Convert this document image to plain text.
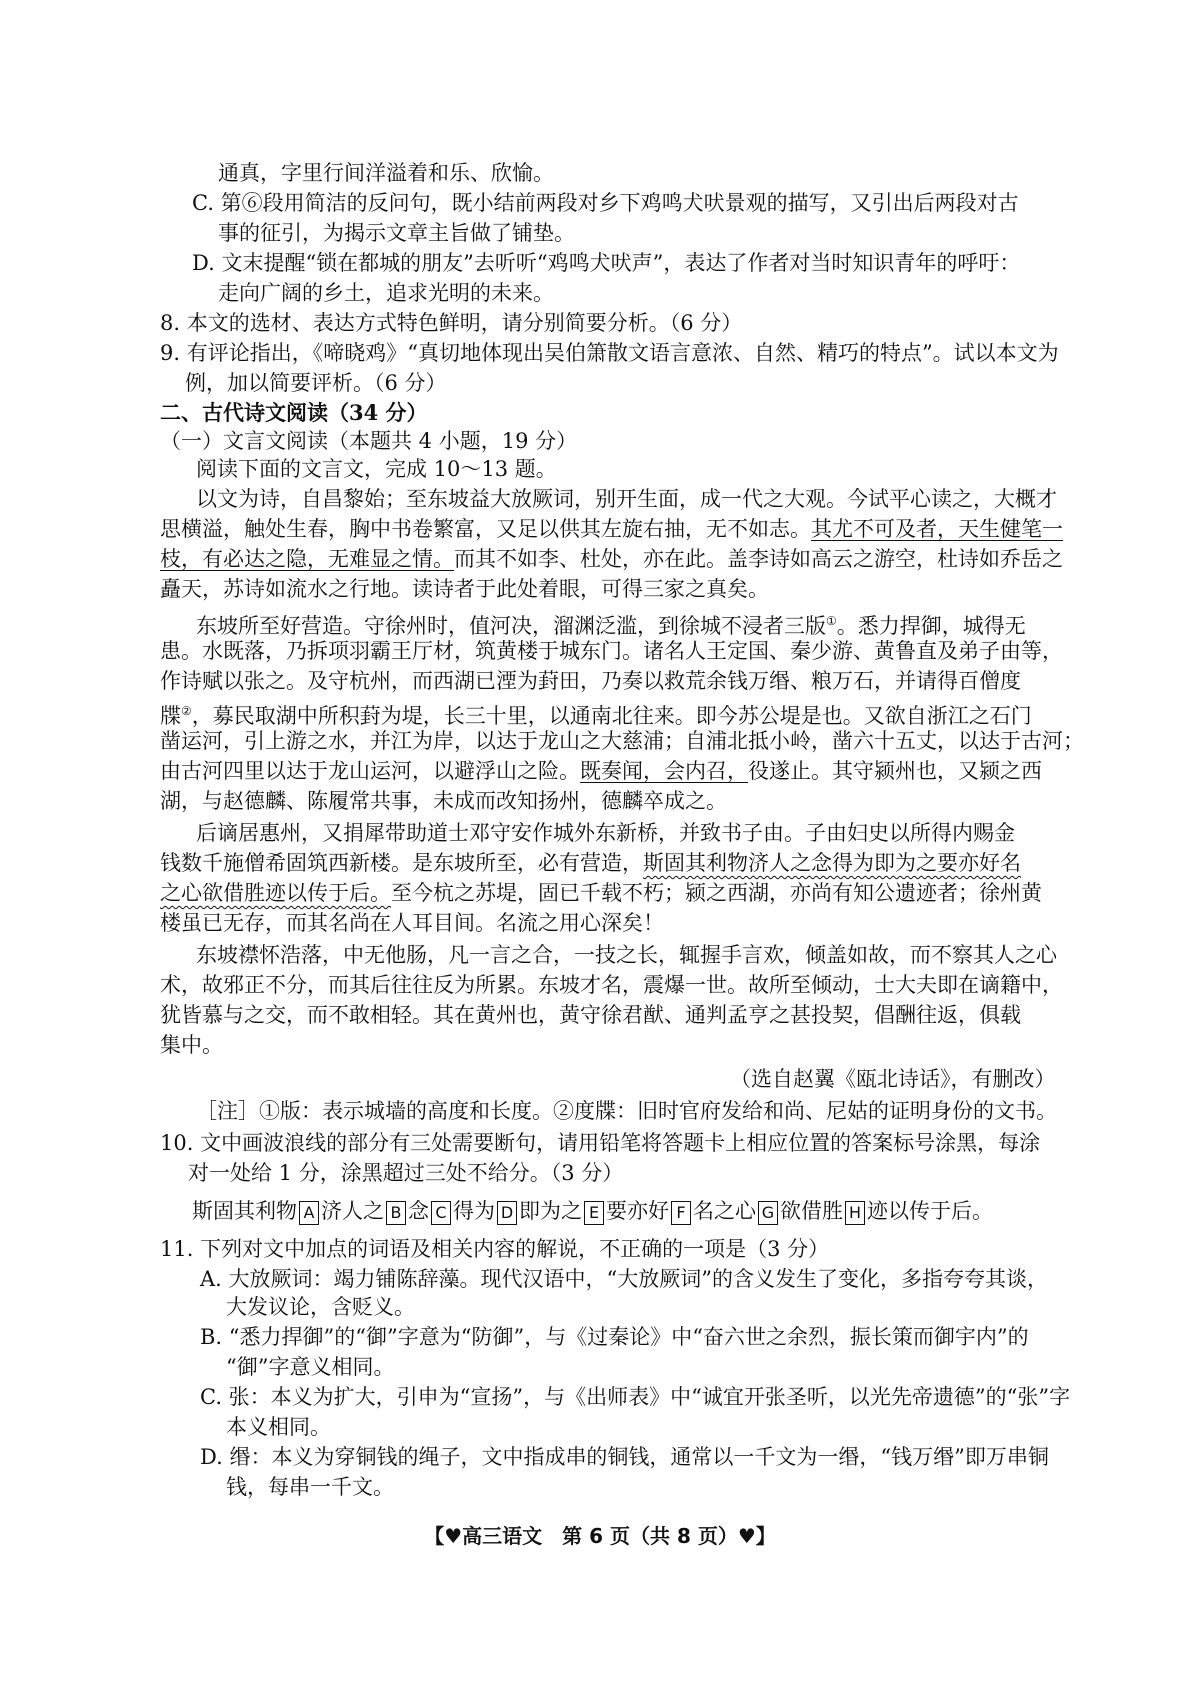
通真，字里行间洋溢着和乐、欣愉。
C. 第⑥段用简洁的反问句，既小结前两段对乡下鸡鸣犬吠景观的描写，又引出后两段对古
事的征引，为揭示文章主旨做了铺垫。
D. 文末提醒“锁在都城的朋友”去听听“鸡鸣犬吠声”，表达了作者对当时知识青年的呼吁：
走向广阔的乡土，追求光明的未来。
8. 本文的选材、表达方式特色鲜明，请分别简要分析。（6 分）
9. 有评论指出，《啼晓鸡》“真切地体现出吴伯箫散文语言意浓、自然、精巧的特点”。试以本文为
例，加以简要评析。（6 分）
二、古代诗文阅读（34 分）
（一）文言文阅读（本题共 4 小题，19 分）
阅读下面的文言文，完成 10～13 题。
以文为诗，自昌黎始；至东坡益大放厥词，别开生面，成一代之大观。今试平心读之，大概才
思横溢，触处生春，胸中书卷繁富，又足以供其左旋右抽，无不如志。其尤不可及者，天生健笔一
枝，有必达之隐，无难显之情。而其不如李、杜处，亦在此。盖李诗如高云之游空，杜诗如乔岳之
矗天，苏诗如流水之行地。读诗者于此处着眼，可得三家之真矣。
东坡所至好营造。守徐州时，值河决，溜渊泛滥，到徐城不浸者三版①。悉力捍御，城得无
患。水既落，乃拆项羽霸王厅材，筑黄楼于城东门。诸名人王定国、秦少游、黄鲁直及弟子由等，
作诗赋以张之。及守杭州，而西湖已湮为葑田，乃奏以救荒余钱万缗、粮万石，并请得百僧度
牒②，募民取湖中所积葑为堤，长三十里，以通南北往来。即今苏公堤是也。又欲自浙江之石门
凿运河，引上游之水，并江为岸，以达于龙山之大慈浦；自浦北抵小岭，凿六十五丈，以达于古河；
由古河四里以达于龙山运河，以避浮山之险。既奏闻，会内召，役遂止。其守颍州也，又颍之西
湖，与赵德麟、陈履常共事，未成而改知扬州，德麟卒成之。
后谪居惠州，又捐犀带助道士邓守安作城外东新桥，并致书子由。子由妇史以所得内赐金
钱数千施僧希固筑西新楼。是东坡所至，必有营造，斯固其利物济人之念得为即为之要亦好名
之心欲借胜迹以传于后。至今杭之苏堤，固已千载不朽；颍之西湖，亦尚有知公遗迹者；徐州黄
楼虽已无存，而其名尚在人耳目间。名流之用心深矣！
东坡襟怀浩落，中无他肠，凡一言之合，一技之长，辄握手言欢，倾盖如故，而不察其人之心
术，故邪正不分，而其后往往反为所累。东坡才名，震爆一世。故所至倾动，士大夫即在谪籍中，
犹皆慕与之交，而不敢相轻。其在黄州也，黄守徐君猷、通判孟亨之甚投契，倡酬往返，俱载
集中。
（选自赵翼《瓯北诗话》，有删改）
［注］①版：表示城墙的高度和长度。②度牒：旧时官府发给和尚、尼姑的证明身份的文书。
10. 文中画波浪线的部分有三处需要断句，请用铅笔将答题卡上相应位置的答案标号涂黑，每涂
对一处给 1 分，涂黑超过三处不给分。（3 分）
斯固其利物 A 济人之 B 念 C 得为 D 即为之 E 要亦好 F 名之心 G 欲借胜 H 迹以传于后。
11. 下列对文中加点的词语及相关内容的解说，不正确的一项是（3 分）
A. 大放厥词：竭力铺陈辞藻。现代汉语中，“大放厥词”的含义发生了变化，多指夸夸其谈，
大发议论，含贬义。
B. “悉力捍御”的“御”字意为“防御”，与《过秦论》中“奋六世之余烈，振长策而御宇内”的
“御”字意义相同。
C. 张：本义为扩大，引申为“宣扬”，与《出师表》中“诚宜开张圣听，以光先帝遗德”的“张”字
本义相同。
D. 缗：本义为穿铜钱的绳子，文中指成串的铜钱，通常以一千文为一缗，“钱万缗”即万串铜
钱，每串一千文。
【♥高三语文　第 6 页（共 8 页）♥】
